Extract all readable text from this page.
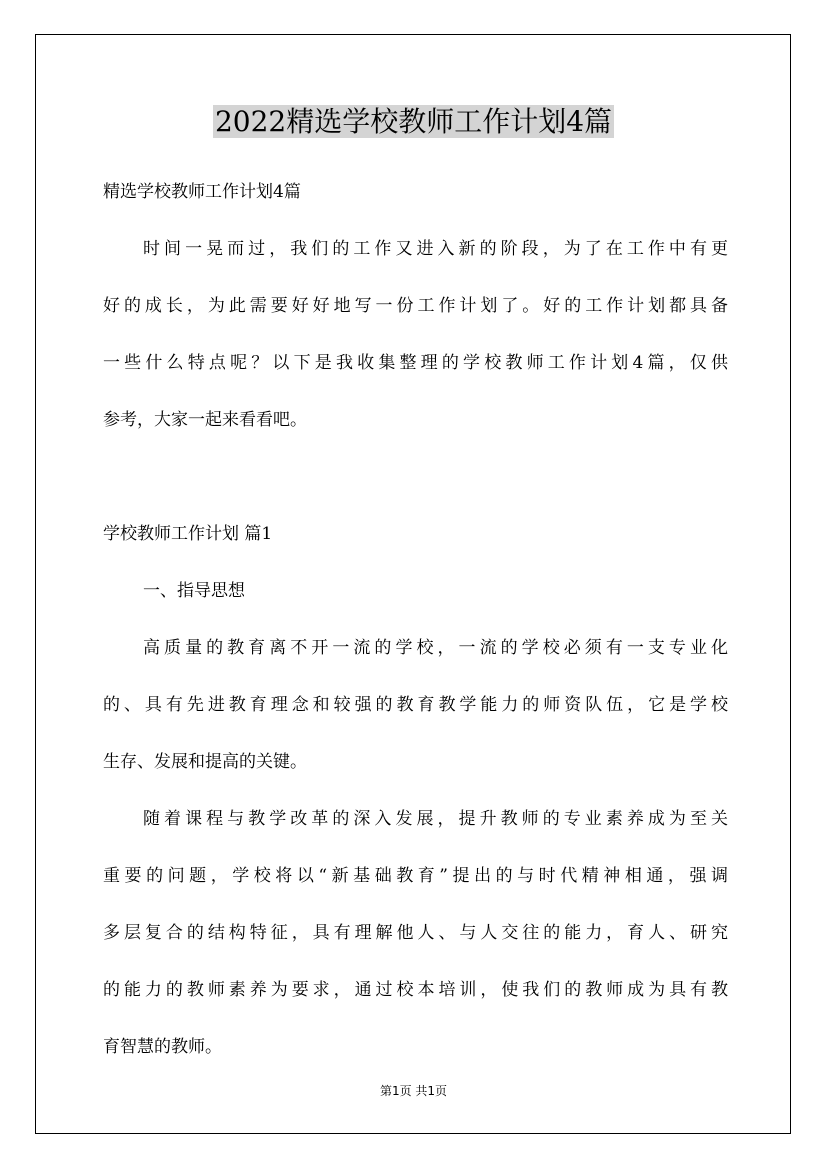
2022精选学校教师工作计划4篇
精选学校教师工作计划4篇
时间一晃而过，我们的工作又进入新的阶段，为了在工作中有更
好的成长，为此需要好好地写一份工作计划了。好的工作计划都具备
一些什么特点呢？以下是我收集整理的学校教师工作计划4篇，仅供
参考，大家一起来看看吧。
学校教师工作计划 篇1
一、指导思想
高质量的教育离不开一流的学校，一流的学校必须有一支专业化
的、具有先进教育理念和较强的教育教学能力的师资队伍，它是学校
生存、发展和提高的关键。
随着课程与教学改革的深入发展，提升教师的专业素养成为至关
重要的问题，学校将以“新基础教育”提出的与时代精神相通，强调
多层复合的结构特征，具有理解他人、与人交往的能力，育人、研究
的能力的教师素养为要求，通过校本培训，使我们的教师成为具有教
育智慧的教师。
第1页 共1页
